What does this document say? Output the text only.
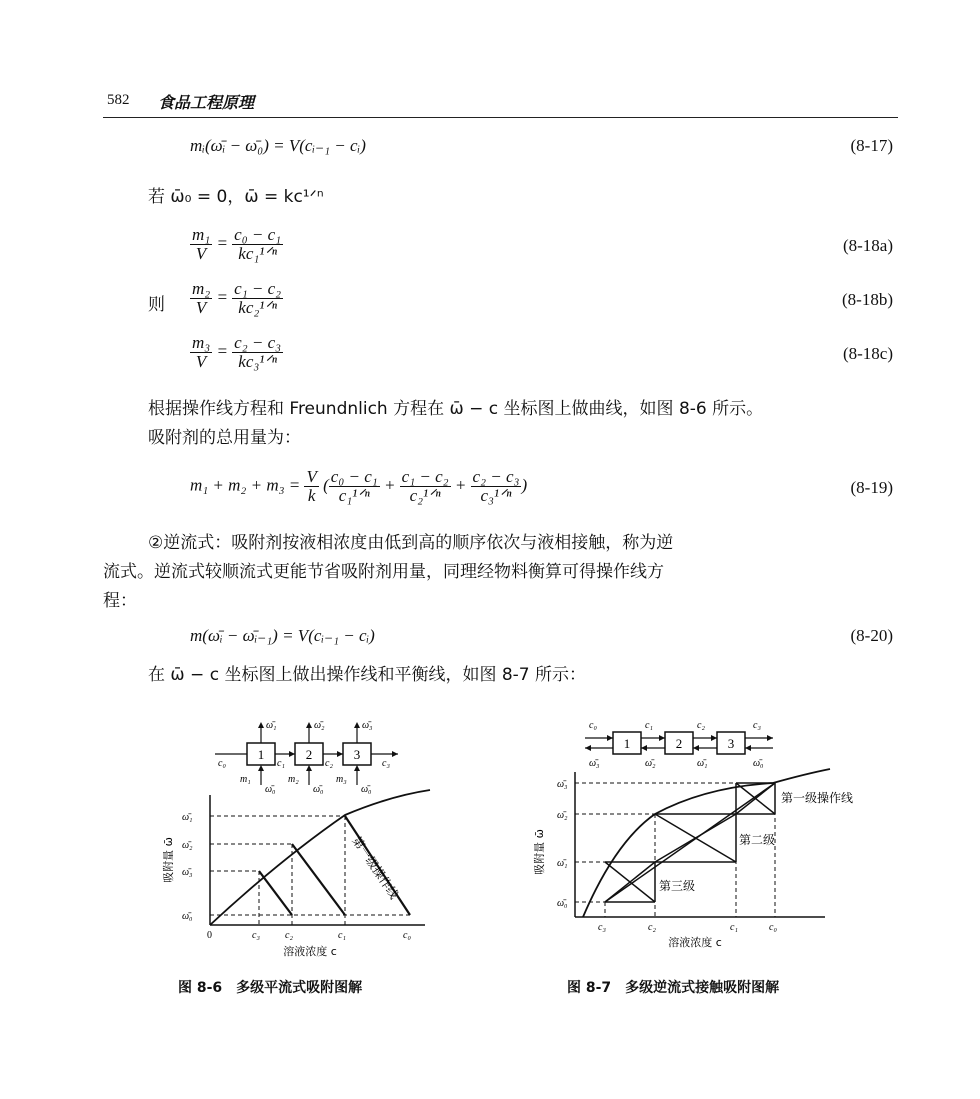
582 食品工程原理
mᵢ(ω̄ᵢ − ω̄₀) = V(cᵢ₋₁ − cᵢ)	(8-17)
若 ω̄₀ = 0，ω̄ = kc¹ᐟⁿ
则
$\frac{\text{m₁}}{V} = \frac{\text{c₀ − c₁}}{\text{kc₁¹ᐟⁿ}}$	(8-18a)
$\frac{\text{m₂}}{V} = \frac{\text{c₁ − c₂}}{\text{kc₂¹ᐟⁿ}}$	(8-18b)
$\frac{\text{m₃}}{V} = \frac{\text{c₂ − c₃}}{\text{kc₃¹ᐟⁿ}}$	(8-18c)
根据操作线方程和 Freundnlich 方程在 ω̄ − c 坐标图上做曲线，如图 8-6 所示。
吸附剂的总用量为：
$m_1 + m_2 + m_3 = \frac{V}{k}$ ( $\frac{\text{c₀ − c₁}}{\text{c₁¹ᐟⁿ}} + \frac{\text{c₁ − c₂}}{\text{c₂¹ᐟⁿ}} + \frac{\text{c₂ − c₃}}{\text{c₃¹ᐟⁿ}}$ )	(8-19)
②逆流式：吸附剂按液相浓度由低到高的顺序依次与液相接触，称为逆
流式。逆流式较顺流式更能节省吸附剂用量，同理经物料衡算可得操作线方
程：
m(ω̄ᵢ − ω̄ᵢ₋₁) = V(cᵢ₋₁ − cᵢ)	(8-20)
在 ω̄ − c 坐标图上做出操作线和平衡线，如图 8-7 所示：
1	2	3
ω̄₁	ω̄₂	ω̄₃
m₁
ω̄₀
m₂
ω̄₀
m₃
ω̄₀
c₀	c₁	c₂	c₃
ω̄₁
ω̄₂
ω̄₃
ω̄₀
0	c₃	c₂	c₁	c₀
吸附量 ω̄
溶液浓度 c
第一级操作线
图 8-6　多级平流式吸附图解
1	2	3
c₀	c₁	c₂	c₃
ω̄₃	ω̄₂	ω̄₁	ω̄₀
第一级操作线
第二级
第三级
ω̄₃
ω̄₂
ω̄₁
ω̄₀
c₃	c₂	c₁	c₀
吸附量 ω̄
溶液浓度 c
图 8-7　多级逆流式接触吸附图解
